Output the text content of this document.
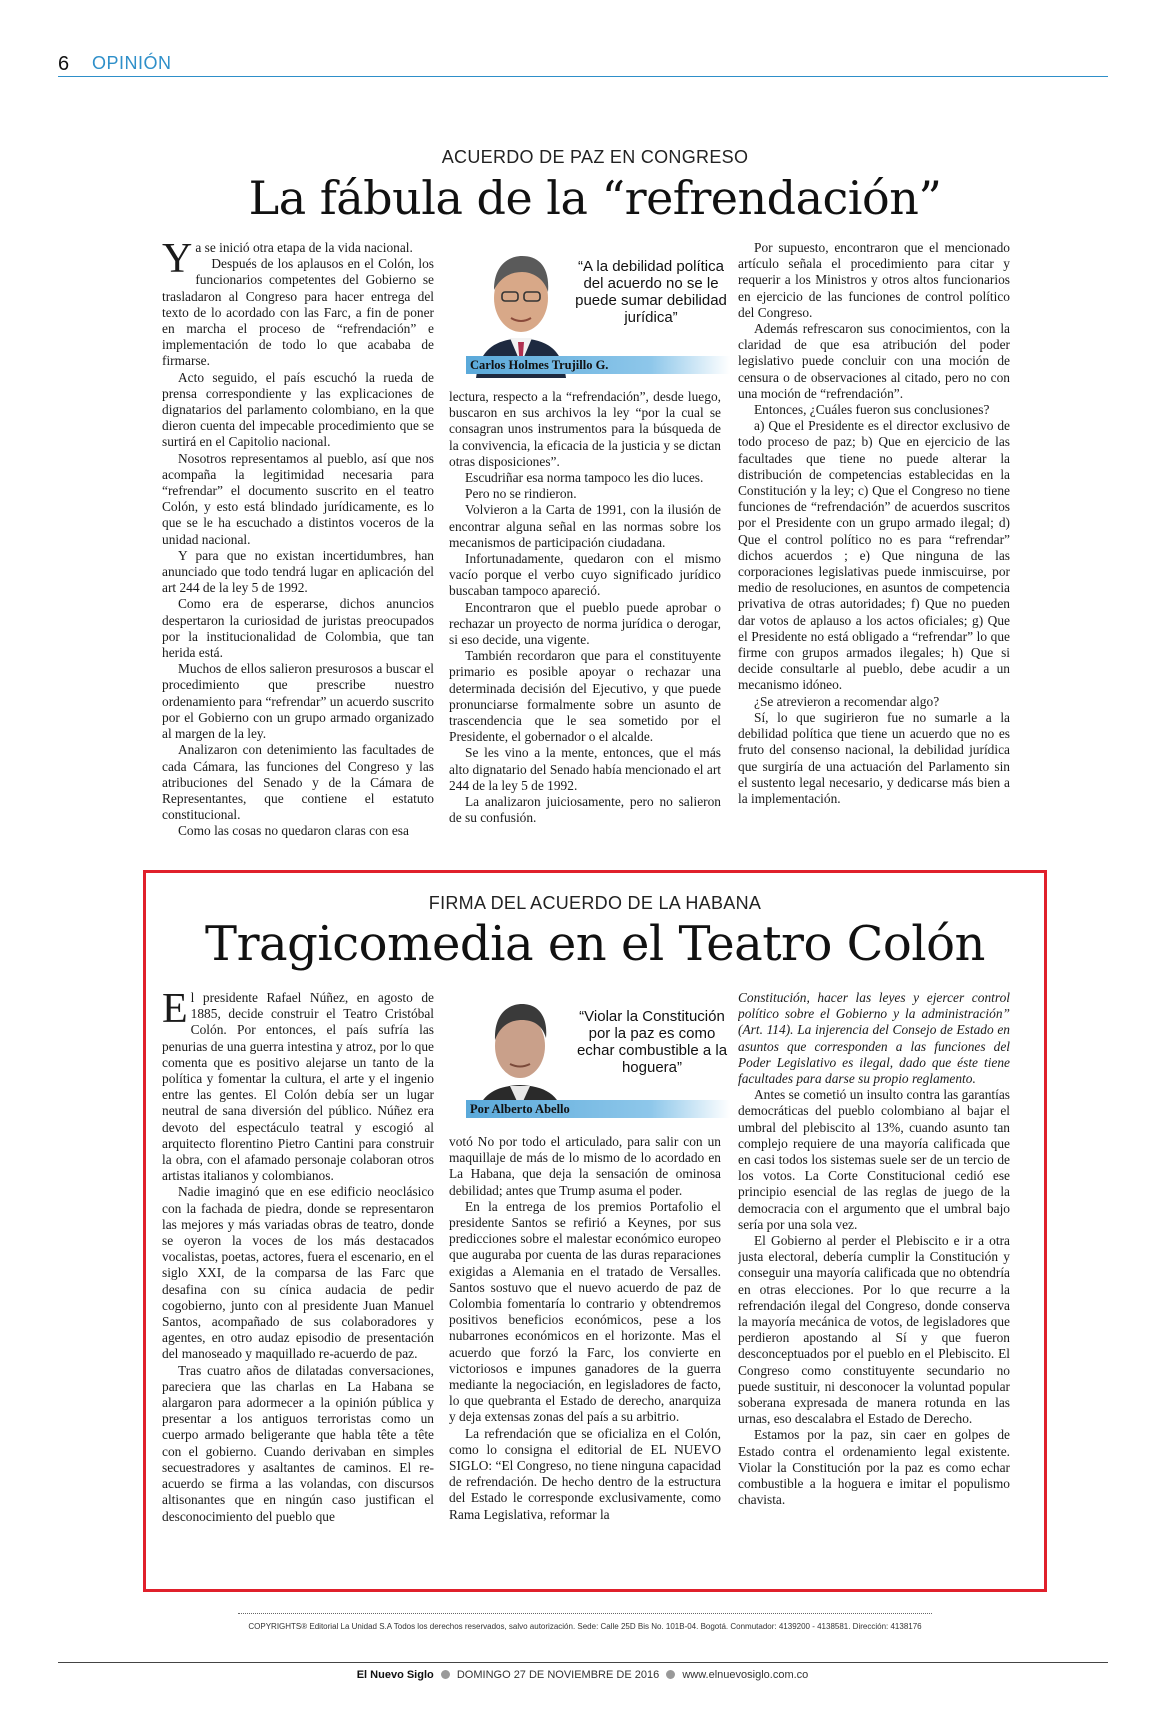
6 OPINIÓN
ACUERDO DE PAZ EN CONGRESO
La fábula de la “refrendación”
Y a se inició otra etapa de la vida nacional.

Después de los aplausos en el Colón, los funcionarios competentes del Gobierno se trasladaron al Congreso para hacer entrega del texto de lo acordado con las Farc, a fin de poner en marcha el proceso de “refrendación” e implementación de todo lo que acababa de firmarse.

Acto seguido, el país escuchó la rueda de prensa correspondiente y las explicaciones de dignatarios del parlamento colombiano, en la que dieron cuenta del impecable procedimiento que se surtirá en el Capitolio nacional.

Nosotros representamos al pueblo, así que nos acompaña la legitimidad necesaria para “refrendar” el documento suscrito en el teatro Colón, y esto está blindado jurídicamente, es lo que se le ha escuchado a distintos voceros de la unidad nacional.

Y para que no existan incertidumbres, han anunciado que todo tendrá lugar en aplicación del art 244 de la ley 5 de 1992.

Como era de esperarse, dichos anuncios despertaron la curiosidad de juristas preocupados por la institucionalidad de Colombia, que tan herida está.

Muchos de ellos salieron presurosos a buscar el procedimiento que prescribe nuestro ordenamiento para “refrendar” un acuerdo suscrito por el Gobierno con un grupo armado organizado al margen de la ley.

Analizaron con detenimiento las facultades de cada Cámara, las funciones del Congreso y las atribuciones del Senado y de la Cámara de Representantes, que contiene el estatuto constitucional.

Como las cosas no quedaron claras con esa

“A la debilidad política del acuerdo no se le puede sumar debilidad jurídica”
Carlos Holmes Trujillo G.

lectura, respecto a la “refrendación”, desde luego, buscaron en sus archivos la ley “por la cual se consagran unos instrumentos para la búsqueda de la convivencia, la eficacia de la justicia y se dictan otras disposiciones”.

Escudriñar esa norma tampoco les dio luces.

Pero no se rindieron.

Volvieron a la Carta de 1991, con la ilusión de encontrar alguna señal en las normas sobre los mecanismos de participación ciudadana.

Infortunadamente, quedaron con el mismo vacío porque el verbo cuyo significado jurídico buscaban tampoco apareció.

Encontraron que el pueblo puede aprobar o rechazar un proyecto de norma jurídica o derogar, si eso decide, una vigente.

También recordaron que para el constituyente primario es posible apoyar o rechazar una determinada decisión del Ejecutivo, y que puede pronunciarse formalmente sobre un asunto de trascendencia que le sea sometido por el Presidente, el gobernador o el alcalde.

Se les vino a la mente, entonces, que el más alto dignatario del Senado había mencionado el art 244 de la ley 5 de 1992.

La analizaron juiciosamente, pero no salieron de su confusión.

Por supuesto, encontraron que el mencionado artículo señala el procedimiento para citar y requerir a los Ministros y otros altos funcionarios en ejercicio de las funciones de control político del Congreso.

Además refrescaron sus conocimientos, con la claridad de que esa atribución del poder legislativo puede concluir con una moción de censura o de observaciones al citado, pero no con una moción de “refrendación”.

Entonces, ¿Cuáles fueron sus conclusiones?

a) Que el Presidente es el director exclusivo de todo proceso de paz; b) Que en ejercicio de las facultades que tiene no puede alterar la distribución de competencias establecidas en la Constitución y la ley; c) Que el Congreso no tiene funciones de “refrendación” de acuerdos suscritos por el Presidente con un grupo armado ilegal; d) Que el control político no es para “refrendar” dichos acuerdos ; e) Que ninguna de las corporaciones legislativas puede inmiscuirse, por medio de resoluciones, en asuntos de competencia privativa de otras autoridades; f) Que no pueden dar votos de aplauso a los actos oficiales; g) Que el Presidente no está obligado a “refrendar” lo que firme con grupos armados ilegales; h) Que si decide consultarle al pueblo, debe acudir a un mecanismo idóneo.

¿Se atrevieron a recomendar algo?

Sí, lo que sugirieron fue no sumarle a la debilidad política que tiene un acuerdo que no es fruto del consenso nacional, la debilidad jurídica que surgiría de una actuación del Parlamento sin el sustento legal necesario, y dedicarse más bien a la implementación.

FIRMA DEL ACUERDO DE LA HABANA
Tragicomedia en el Teatro Colón
E l presidente Rafael Núñez, en agosto de 1885, decide construir el Teatro Cristóbal Colón. Por entonces, el país sufría las penurias de una guerra intestina y atroz, por lo que comenta que es positivo alejarse un tanto de la política y fomentar la cultura, el arte y el ingenio entre las gentes. El Colón debía ser un lugar neutral de sana diversión del público. Núñez era devoto del espectáculo teatral y escogió al arquitecto florentino Pietro Cantini para construir la obra, con el afamado personaje colaboran otros artistas italianos y colombianos.

Nadie imaginó que en ese edificio neoclásico con la fachada de piedra, donde se representaron las mejores y más variadas obras de teatro, donde se oyeron la voces de los más destacados vocalistas, poetas, actores, fuera el escenario, en el siglo XXI, de la comparsa de las Farc que desafina con su cínica audacia de pedir cogobierno, junto con al presidente Juan Manuel Santos, acompañado de sus colaboradores y agentes, en otro audaz episodio de presentación del manoseado y maquillado re-acuerdo de paz.

Tras cuatro años de dilatadas conversaciones, pareciera que las charlas en La Habana se alargaron para adormecer a la opinión pública y presentar a los antiguos terroristas como un cuerpo armado beligerante que habla tête a tête con el gobierno. Cuando derivaban en simples secuestradores y asaltantes de caminos. El re-acuerdo se firma a las volandas, con discursos altisonantes que en ningún caso justifican el desconocimiento del pueblo que

“Violar la Constitución por la paz es como echar combustible a la hoguera”
Por Alberto Abello

votó No por todo el articulado, para salir con un maquillaje de más de lo mismo de lo acordado en La Habana, que deja la sensación de ominosa debilidad; antes que Trump asuma el poder.

En la entrega de los premios Portafolio el presidente Santos se refirió a Keynes, por sus predicciones sobre el malestar económico europeo que auguraba por cuenta de las duras reparaciones exigidas a Alemania en el tratado de Versalles. Santos sostuvo que el nuevo acuerdo de paz de Colombia fomentaría lo contrario y obtendremos positivos beneficios económicos, pese a los nubarrones económicos en el horizonte. Mas el acuerdo que forzó la Farc, los convierte en victoriosos e impunes ganadores de la guerra mediante la negociación, en legisladores de facto, lo que quebranta el Estado de derecho, anarquiza y deja extensas zonas del país a su arbitrio.

La refrendación que se oficializa en el Colón, como lo consigna el editorial de EL NUEVO SIGLO: “El Congreso, no tiene ninguna capacidad de refrendación. De hecho dentro de la estructura del Estado le corresponde exclusivamente, como Rama Legislativa, reformar la

Constitución, hacer las leyes y ejercer control político sobre el Gobierno y la administración” (Art. 114). La injerencia del Consejo de Estado en asuntos que corresponden a las funciones del Poder Legislativo es ilegal, dado que éste tiene facultades para darse su propio reglamento.

Antes se cometió un insulto contra las garantías democráticas del pueblo colombiano al bajar el umbral del plebiscito al 13%, cuando asunto tan complejo requiere de una mayoría calificada que en casi todos los sistemas suele ser de un tercio de los votos. La Corte Constitucional cedió ese principio esencial de las reglas de juego de la democracia con el argumento que el umbral bajo sería por una sola vez.

El Gobierno al perder el Plebiscito e ir a otra justa electoral, debería cumplir la Constitución y conseguir una mayoría calificada que no obtendría en otras elecciones. Por lo que recurre a la refrendación ilegal del Congreso, donde conserva la mayoría mecánica de votos, de legisladores que perdieron apostando al Sí y que fueron desconceptuados por el pueblo en el Plebiscito. El Congreso como constituyente secundario no puede sustituir, ni desconocer la voluntad popular soberana expresada de manera rotunda en las urnas, eso descalabra el Estado de Derecho.

Estamos por la paz, sin caer en golpes de Estado contra el ordenamiento legal existente. Violar la Constitución por la paz es como echar combustible a la hoguera e imitar el populismo chavista.

COPYRIGHTS® Editorial La Unidad S.A Todos los derechos reservados, salvo autorización. Sede: Calle 25D Bis No. 101B-04. Bogotá. Conmutador: 4139200 - 4138581. Dirección: 4138176
El Nuevo Siglo DOMINGO 27 DE NOVIEMBRE DE 2016 www.elnuevosiglo.com.co
